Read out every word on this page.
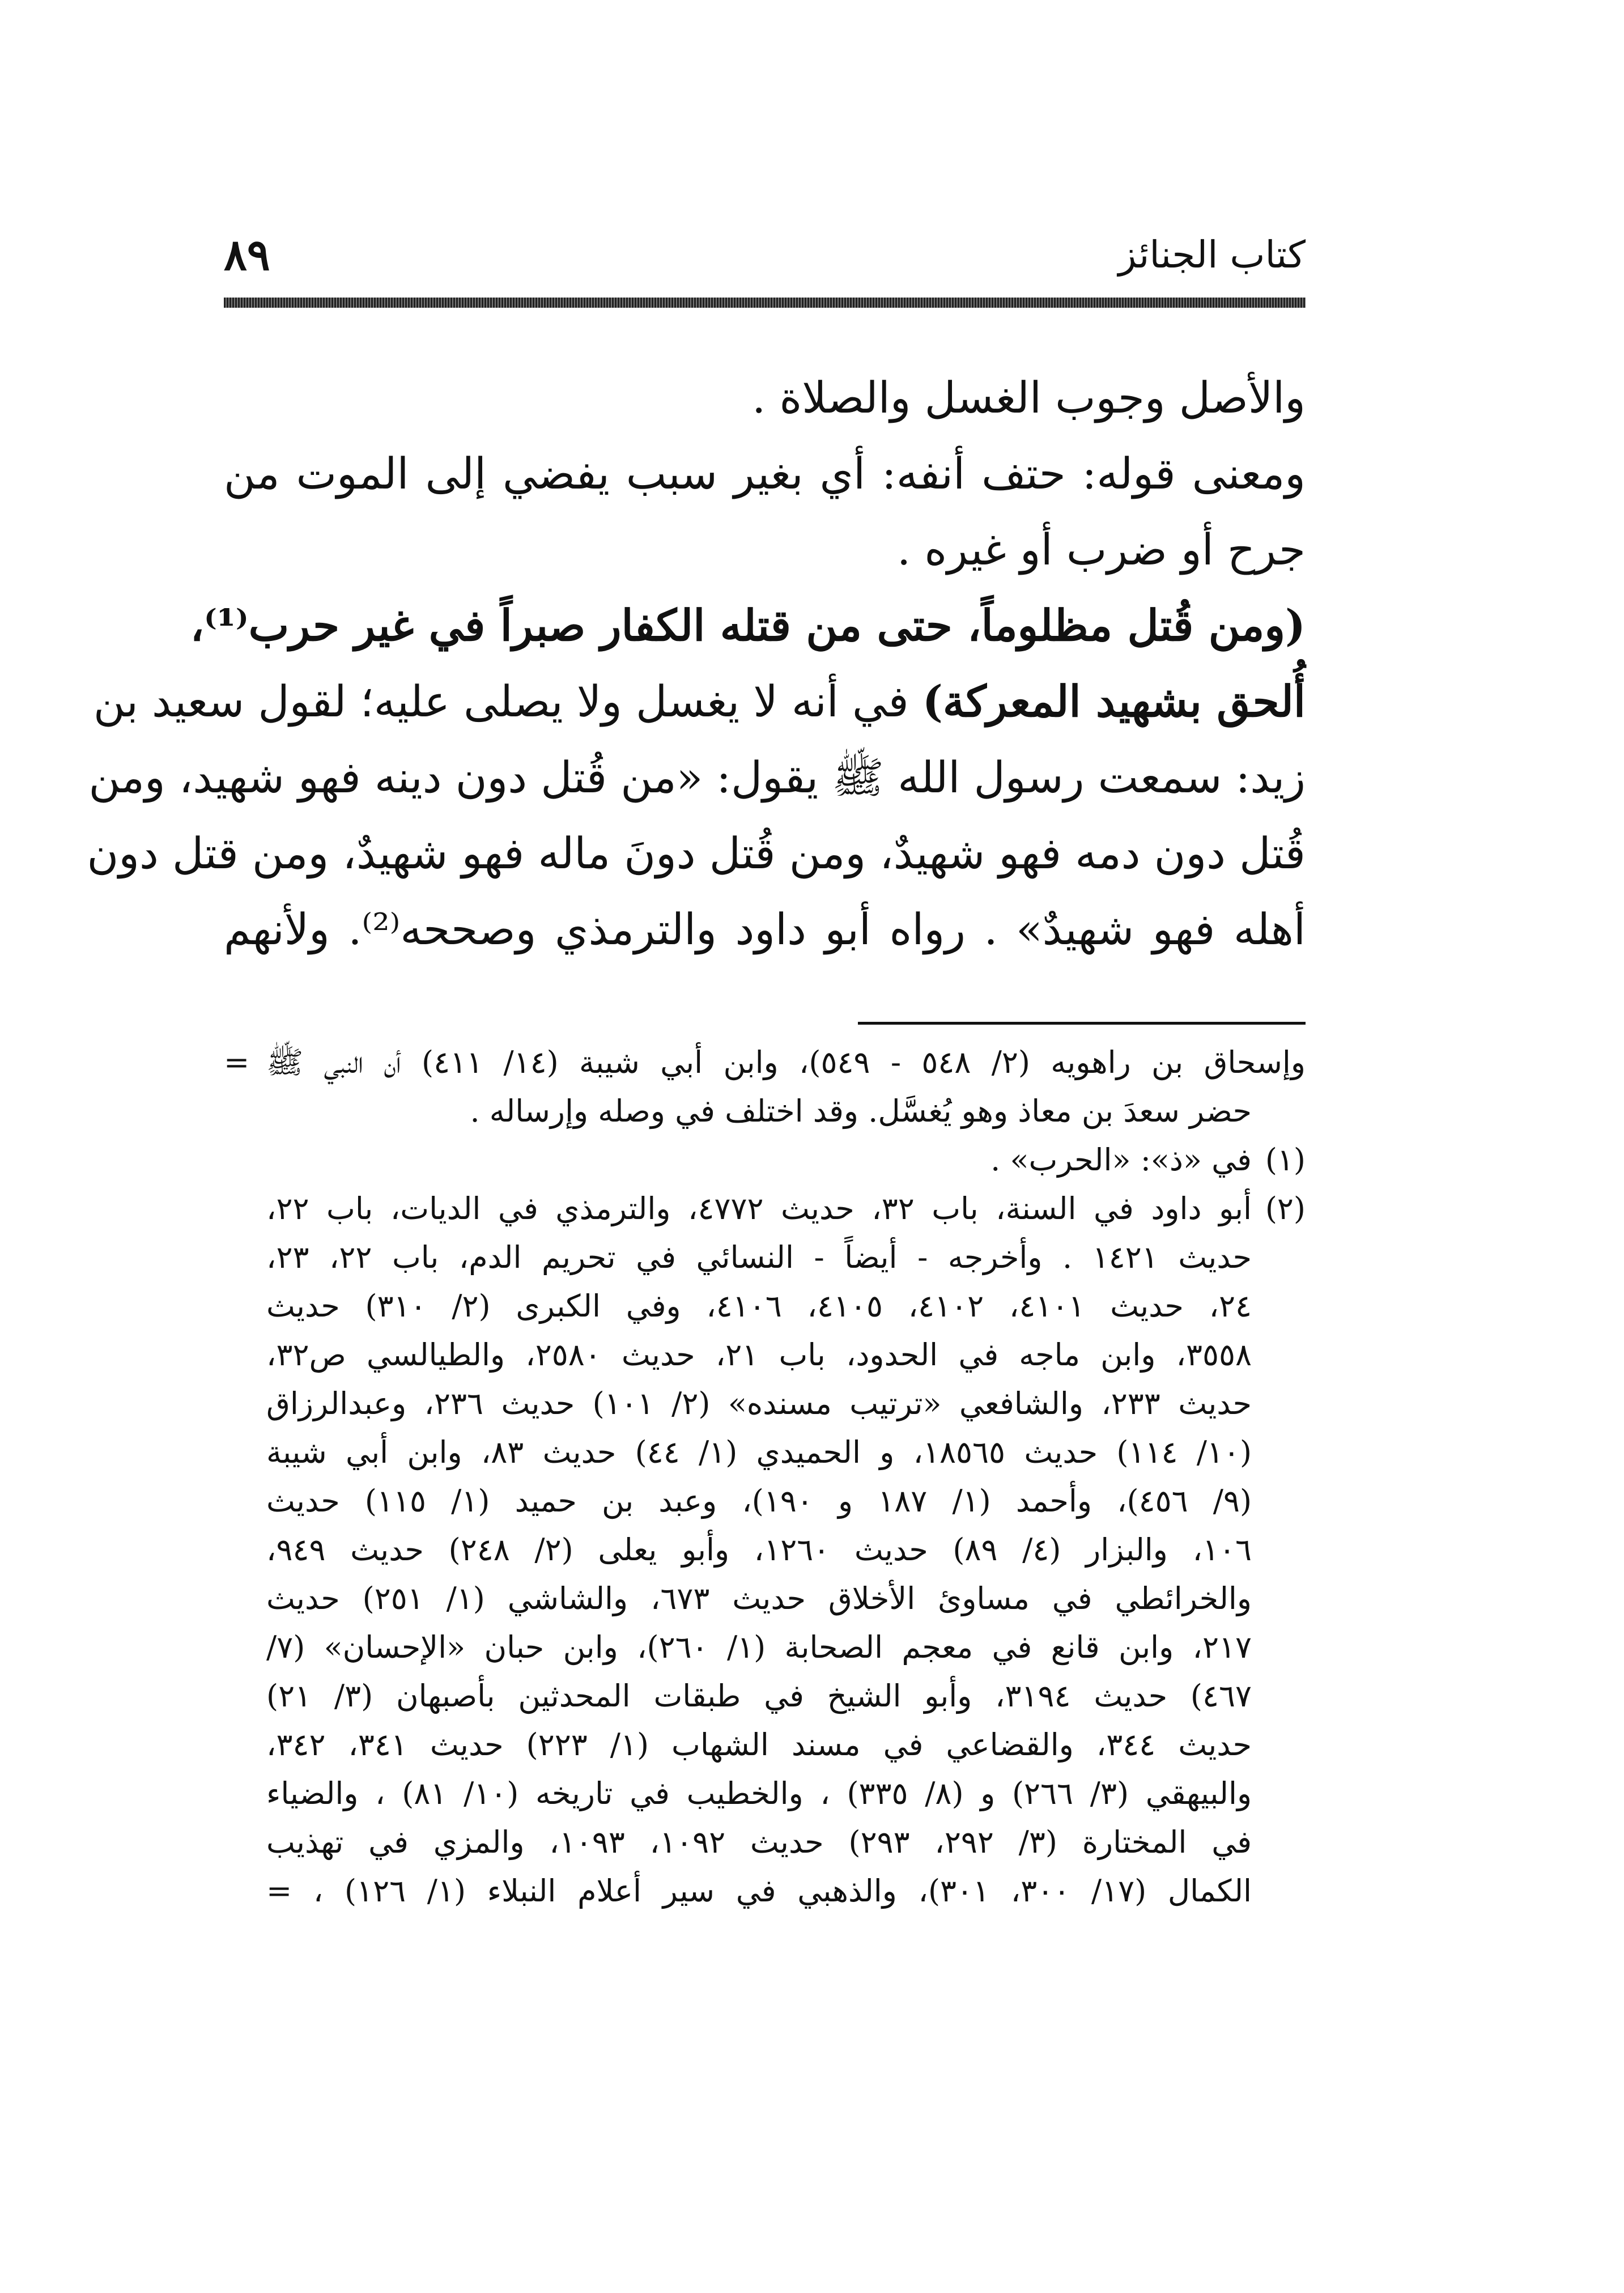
كتاب الجنائز
٨٩
والأصل وجوب الغسل والصلاة .
ومعنى قوله: حتف أنفه: أي بغير سبب يفضي إلى الموت من
جرح أو ضرب أو غيره .
(ومن قُتل مظلوماً، حتى من قتله الكفار صبراً في غير حرب⁽¹⁾،
أُلحق بشهيد المعركة) في أنه لا يغسل ولا يصلى عليه؛ لقول سعيد بن
زيد: سمعت رسول الله ﷺ يقول: «من قُتل دون دينه فهو شهيد، ومن
قُتل دون دمه فهو شهيدٌ، ومن قُتل دونَ ماله فهو شهيدٌ، ومن قتل دون
أهله فهو شهيدٌ» . رواه أبو داود والترمذي وصححه⁽²⁾. ولأنهم
= وإسحاق بن راهويه (٢/ ٥٤٨ - ٥٤٩)، وابن أبي شيبة (١٤/ ٤١١) أن النبي ﷺ
حضر سعدَ بن معاذ وهو يُغسَّل. وقد اختلف في وصله وإرساله .
(١)
في «ذ»: «الحرب» .
(٢)
أبو داود في السنة، باب ٣٢، حديث ٤٧٧٢، والترمذي في الديات، باب ٢٢،
حديث ١٤٢١ . وأخرجه - أيضاً - النسائي في تحريم الدم، باب ٢٢، ٢٣،
٢٤، حديث ٤١٠١، ٤١٠٢، ٤١٠٥، ٤١٠٦، وفي الكبرى (٢/ ٣١٠) حديث
٣٥٥٨، وابن ماجه في الحدود، باب ٢١، حديث ٢٥٨٠، والطيالسي ص٣٢،
حديث ٢٣٣، والشافعي «ترتيب مسنده» (٢/ ١٠١) حديث ٢٣٦، وعبدالرزاق
(١٠/ ١١٤) حديث ١٨٥٦٥، و الحميدي (١/ ٤٤) حديث ٨٣، وابن أبي شيبة
(٩/ ٤٥٦)، وأحمد (١/ ١٨٧ و ١٩٠)، وعبد بن حميد (١/ ١١٥) حديث
١٠٦، والبزار (٤/ ٨٩) حديث ١٢٦٠، وأبو يعلى (٢/ ٢٤٨) حديث ٩٤٩،
والخرائطي في مساوئ الأخلاق حديث ٦٧٣، والشاشي (١/ ٢٥١) حديث
٢١٧، وابن قانع في معجم الصحابة (١/ ٢٦٠)، وابن حبان «الإحسان» (٧/
٤٦٧) حديث ٣١٩٤، وأبو الشيخ في طبقات المحدثين بأصبهان (٣/ ٢١)
حديث ٣٤٤، والقضاعي في مسند الشهاب (١/ ٢٢٣) حديث ٣٤١، ٣٤٢،
والبيهقي (٣/ ٢٦٦) و (٨/ ٣٣٥) ، والخطيب في تاريخه (١٠/ ٨١) ، والضياء
في المختارة (٣/ ٢٩٢، ٢٩٣) حديث ١٠٩٢، ١٠٩٣، والمزي في تهذيب
الكمال (١٧/ ٣٠٠، ٣٠١)، والذهبي في سير أعلام النبلاء (١/ ١٢٦) ، =
